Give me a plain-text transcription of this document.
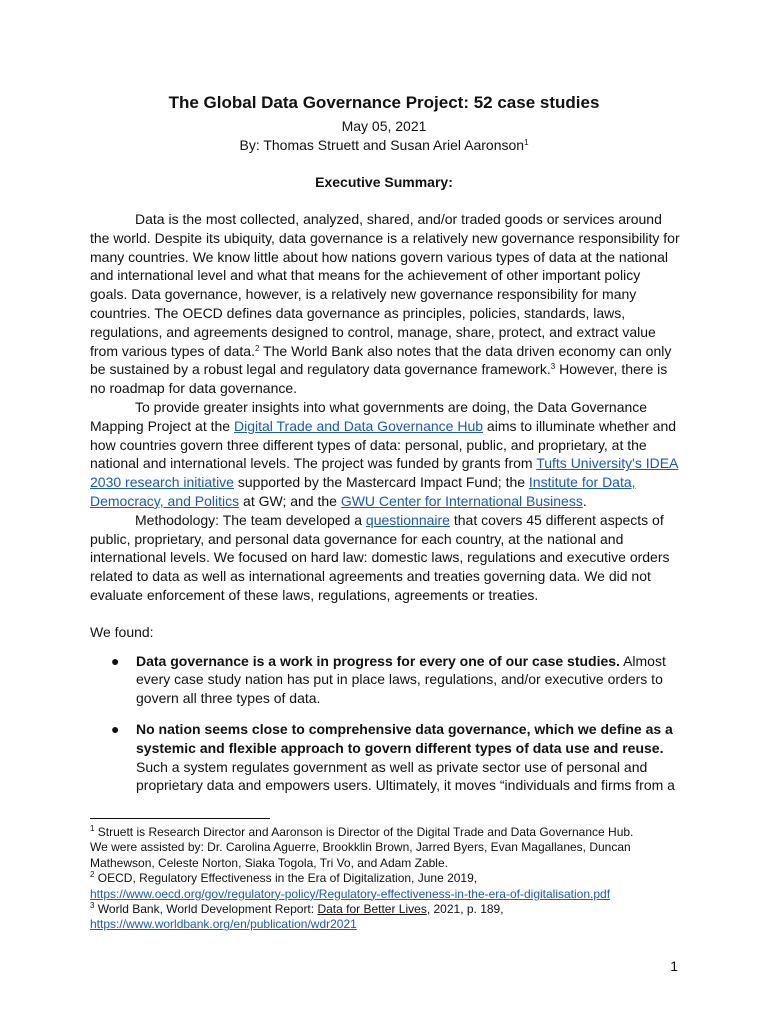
The Global Data Governance Project: 52 case studies
May 05, 2021
By: Thomas Struett and Susan Ariel Aaronson$^1$
Executive Summary:

Data is the most collected, analyzed, shared, and/or traded goods or services around the world. Despite its ubiquity, data governance is a relatively new governance responsibility for many countries. We know little about how nations govern various types of data at the national and international level and what that means for the achievement of other important policy goals. Data governance, however, is a relatively new governance responsibility for many countries. The OECD defines data governance as principles, policies, standards, laws, regulations, and agreements designed to control, manage, share, protect, and extract value from various types of data.$^2$ The World Bank also notes that the data driven economy can only be sustained by a robust legal and regulatory data governance framework.$^3$ However, there is no roadmap for data governance.

To provide greater insights into what governments are doing, the Data Governance Mapping Project at the Digital Trade and Data Governance Hub aims to illuminate whether and how countries govern three different types of data: personal, public, and proprietary, at the national and international levels. The project was funded by grants from Tufts University's IDEA 2030 research initiative supported by the Mastercard Impact Fund; the Institute for Data, Democracy, and Politics at GW; and the GWU Center for International Business.

Methodology: The team developed a questionnaire that covers 45 different aspects of public, proprietary, and personal data governance for each country, at the national and international levels. We focused on hard law: domestic laws, regulations and executive orders related to data as well as international agreements and treaties governing data. We did not evaluate enforcement of these laws, regulations, agreements or treaties.

We found:

● Data governance is a work in progress for every one of our case studies. Almost every case study nation has put in place laws, regulations, and/or executive orders to govern all three types of data.
● No nation seems close to comprehensive data governance, which we define as a systemic and flexible approach to govern different types of data use and reuse. Such a system regulates government as well as private sector use of personal and proprietary data and empowers users. Ultimately, it moves “individuals and firms from a

$^1$ Struett is Research Director and Aaronson is Director of the Digital Trade and Data Governance Hub.

We were assisted by: Dr. Carolina Aguerre, Brookklin Brown, Jarred Byers, Evan Magallanes, Duncan Mathewson, Celeste Norton, Siaka Togola, Tri Vo, and Adam Zable.

$^2$ OECD, Regulatory Effectiveness in the Era of Digitalization, June 2019,

https://www.oecd.org/gov/regulatory-policy/Regulatory-effectiveness-in-the-era-of-digitalisation.pdf

$^3$ World Bank, World Development Report: Data for Better Lives, 2021, p. 189,

https://www.worldbank.org/en/publication/wdr2021

1
